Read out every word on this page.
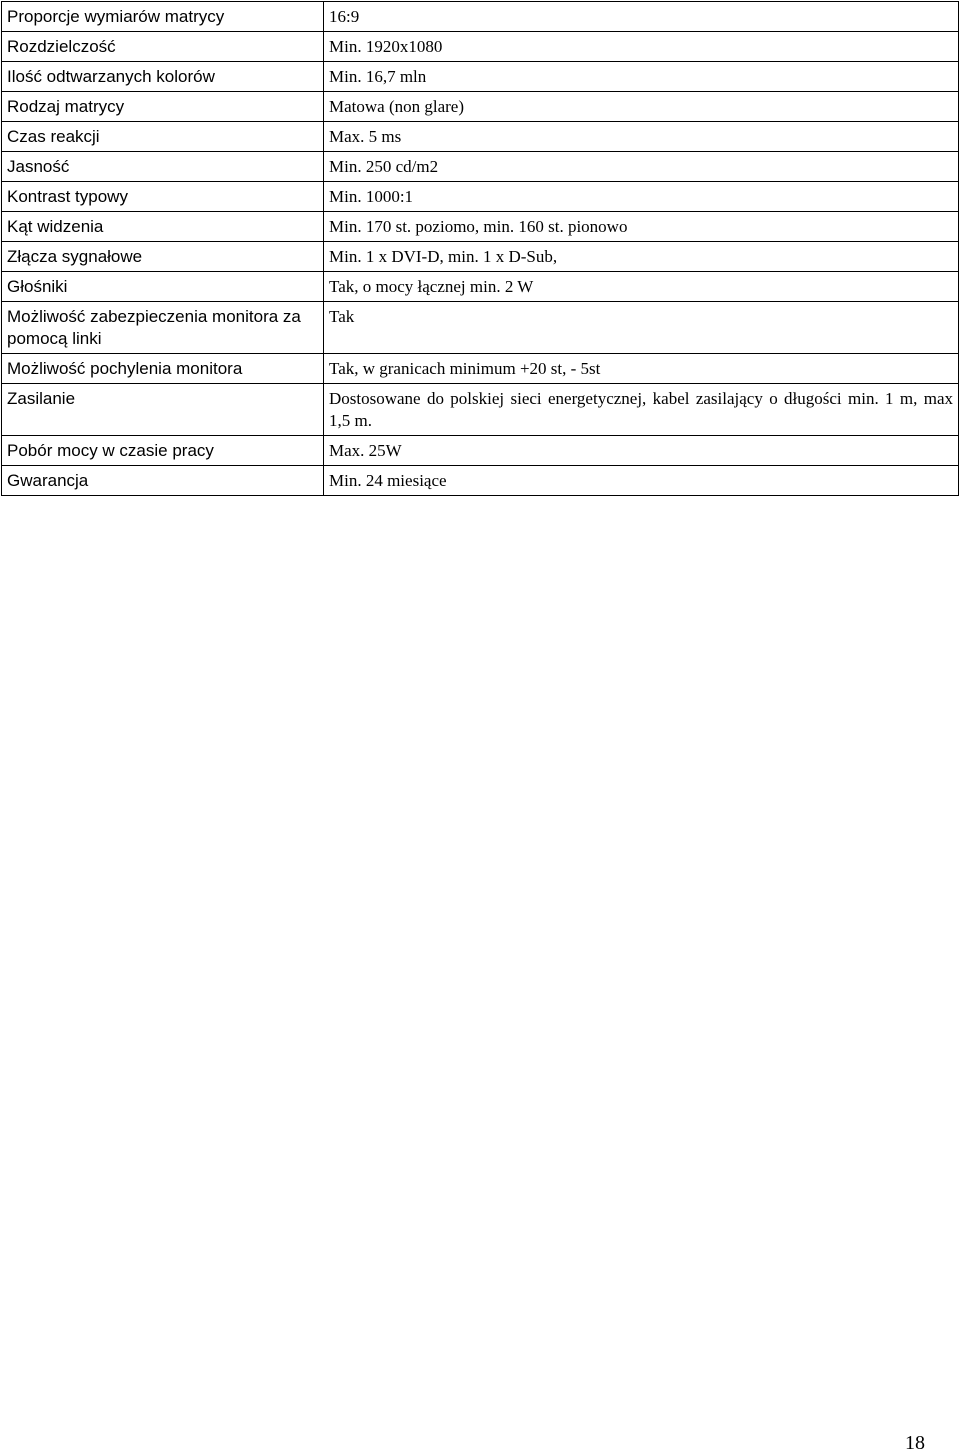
Proporcje wymiarów matrycy	16:9
Rozdzielczość	Min. 1920x1080
Ilość odtwarzanych kolorów	Min. 16,7 mln
Rodzaj matrycy	Matowa (non glare)
Czas reakcji	Max. 5 ms
Jasność	Min. 250 cd/m2
Kontrast typowy	Min. 1000:1
Kąt widzenia	Min. 170 st. poziomo, min. 160 st. pionowo
Złącza sygnałowe	Min. 1 x DVI-D, min. 1 x D-Sub,
Głośniki	Tak, o mocy łącznej min. 2 W
Możliwość zabezpieczenia monitora za pomocą linki	Tak
Możliwość pochylenia monitora	Tak, w granicach minimum +20 st, - 5st
Zasilanie	Dostosowane do polskiej sieci energetycznej, kabel zasilający o długości min. 1 m, max 1,5 m.
Pobór mocy w czasie pracy	Max. 25W
Gwarancja	Min. 24 miesiące
18
